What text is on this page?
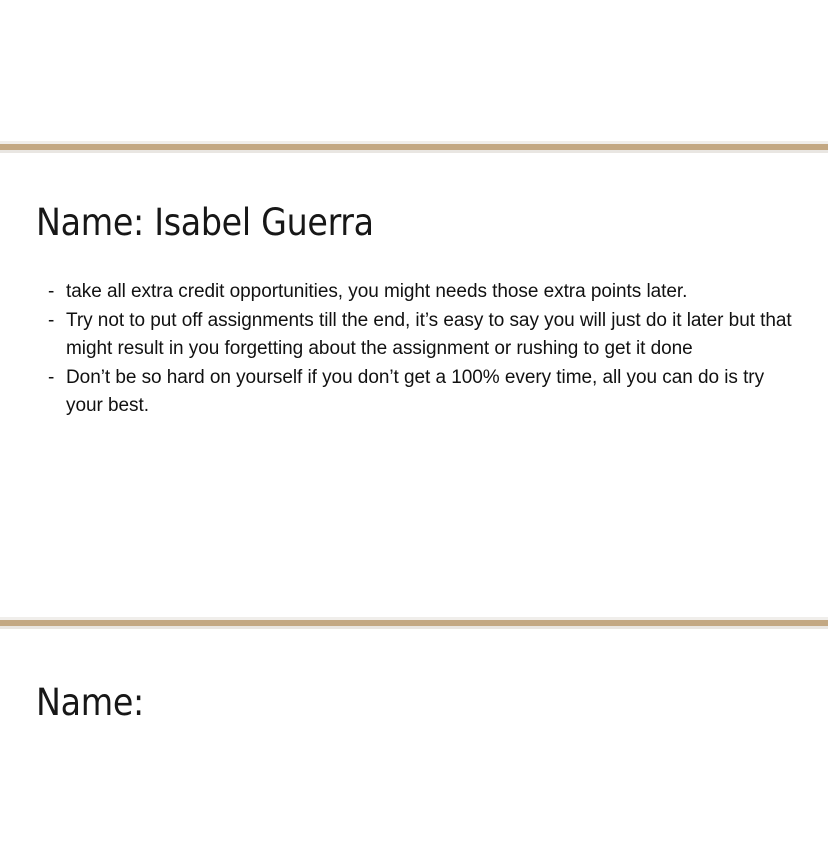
Name: Isabel Guerra
- take all extra credit opportunities, you might needs those extra points later.
- Try not to put off assignments till the end, it’s easy to say you will just do it later but that might result in you forgetting about the assignment or rushing to get it done
- Don’t be so hard on yourself if you don’t get a 100% every time, all you can do is try your best.
Name:
